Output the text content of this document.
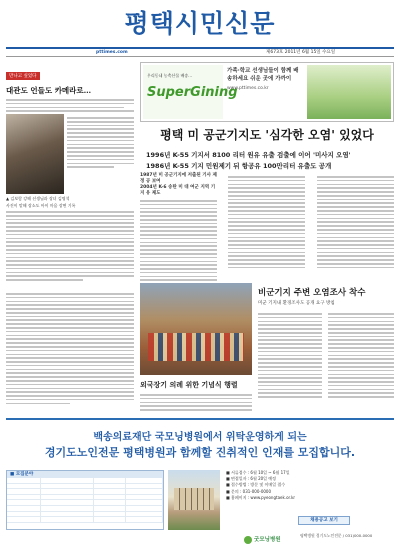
평택시민신문
pttimes.com	제673호 2011년 6월 15일 수요일
만나고 싶었다
대관도 언들도 카메라로…
▲ 김보람 강해 선생님과 장녀 김명석
사진이 말해 장소도 아이 마음 장면 기록
우리동네 농축산물 배송…
SuperGining
가족·학교 선생님들이 함께 배송하세요 쉬운 곳에 가까이
www.pttimes.co.kr
평택 미 공군기지도 '심각한 오염' 있었다
1996년 K-55 기지서 8100 리터 원유 유출 검출에 이어 '미사지 오염'
1986년 K-55 기지 민원제기 뒤 항공유 100만리터 유출도 공개
1987년 미 공군기지에 저출된 기사 제정 공 보여
2004년 K-6 송탄 미 대 여군 지역 기지 유 제도
외국장기 의례 위한 기념식 행렬
비군기지 주변 오염조사 착수
미군 기지내 환경조사도 공개 요구 방침
백송의료재단 국모닝병원에서 위탁운영하게 되는
경기도노인전문 평택병원과 함께할 진취적인 인재를 모집합니다.
■ 모집분야	■ 서류접수 : 6월 10일 ~ 6월 17일
■ 면접일자 : 6월 20일 예정
■ 접수방법 : 방문 및 이메일 접수
■ 문의 : 031-000-0000
■ 홈페이지 : www.pyeongtaek.or.kr
채용공고 보기
굿모닝병원
평택병원 경기도노인전문 / 031)000-0000
